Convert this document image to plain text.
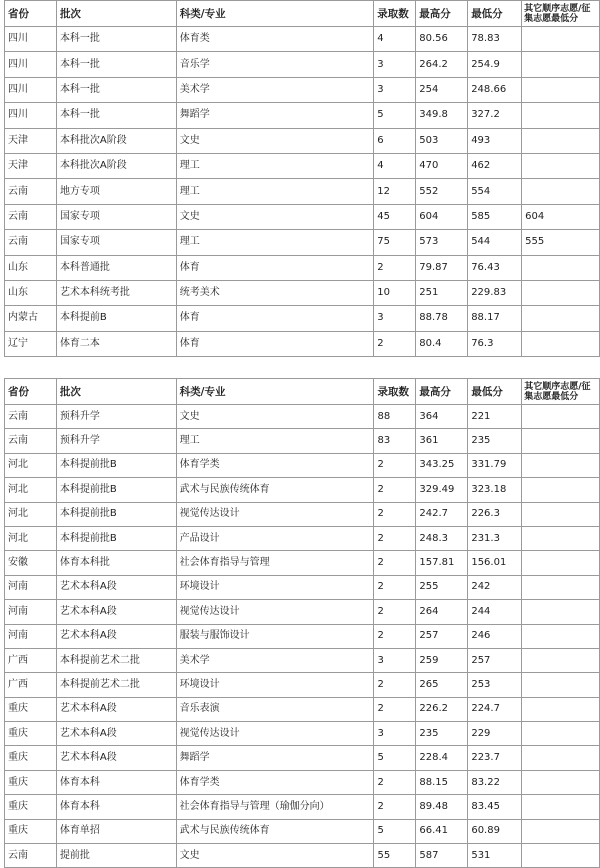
省份	批次	科类/专业	录取数	最高分	最低分	其它顺序志愿/征集志愿最低分
四川	本科一批	体育类	4	80.56	78.83	
四川	本科一批	音乐学	3	264.2	254.9	
四川	本科一批	美术学	3	254	248.66	
四川	本科一批	舞蹈学	5	349.8	327.2	
天津	本科批次A阶段	文史	6	503	493	
天津	本科批次A阶段	理工	4	470	462	
云南	地方专项	理工	12	552	554	
云南	国家专项	文史	45	604	585	604
云南	国家专项	理工	75	573	544	555
山东	本科普通批	体育	2	79.87	76.43	
山东	艺术本科统考批	统考美术	10	251	229.83	
内蒙古	本科提前B	体育	3	88.78	88.17	
辽宁	体育二本	体育	2	80.4	76.3	
省份	批次	科类/专业	录取数	最高分	最低分	其它顺序志愿/征集志愿最低分
云南	预科升学	文史	88	364	221	
云南	预科升学	理工	83	361	235	
河北	本科提前批B	体育学类	2	343.25	331.79	
河北	本科提前批B	武术与民族传统体育	2	329.49	323.18	
河北	本科提前批B	视觉传达设计	2	242.7	226.3	
河北	本科提前批B	产品设计	2	248.3	231.3	
安徽	体育本科批	社会体育指导与管理	2	157.81	156.01	
河南	艺术本科A段	环境设计	2	255	242	
河南	艺术本科A段	视觉传达设计	2	264	244	
河南	艺术本科A段	服装与服饰设计	2	257	246	
广西	本科提前艺术二批	美术学	3	259	257	
广西	本科提前艺术二批	环境设计	2	265	253	
重庆	艺术本科A段	音乐表演	2	226.2	224.7	
重庆	艺术本科A段	视觉传达设计	3	235	229	
重庆	艺术本科A段	舞蹈学	5	228.4	223.7	
重庆	体育本科	体育学类	2	88.15	83.22	
重庆	体育本科	社会体育指导与管理（瑜伽分向）	2	89.48	83.45	
重庆	体育单招	武术与民族传统体育	5	66.41	60.89	
云南	提前批	文史	55	587	531	
